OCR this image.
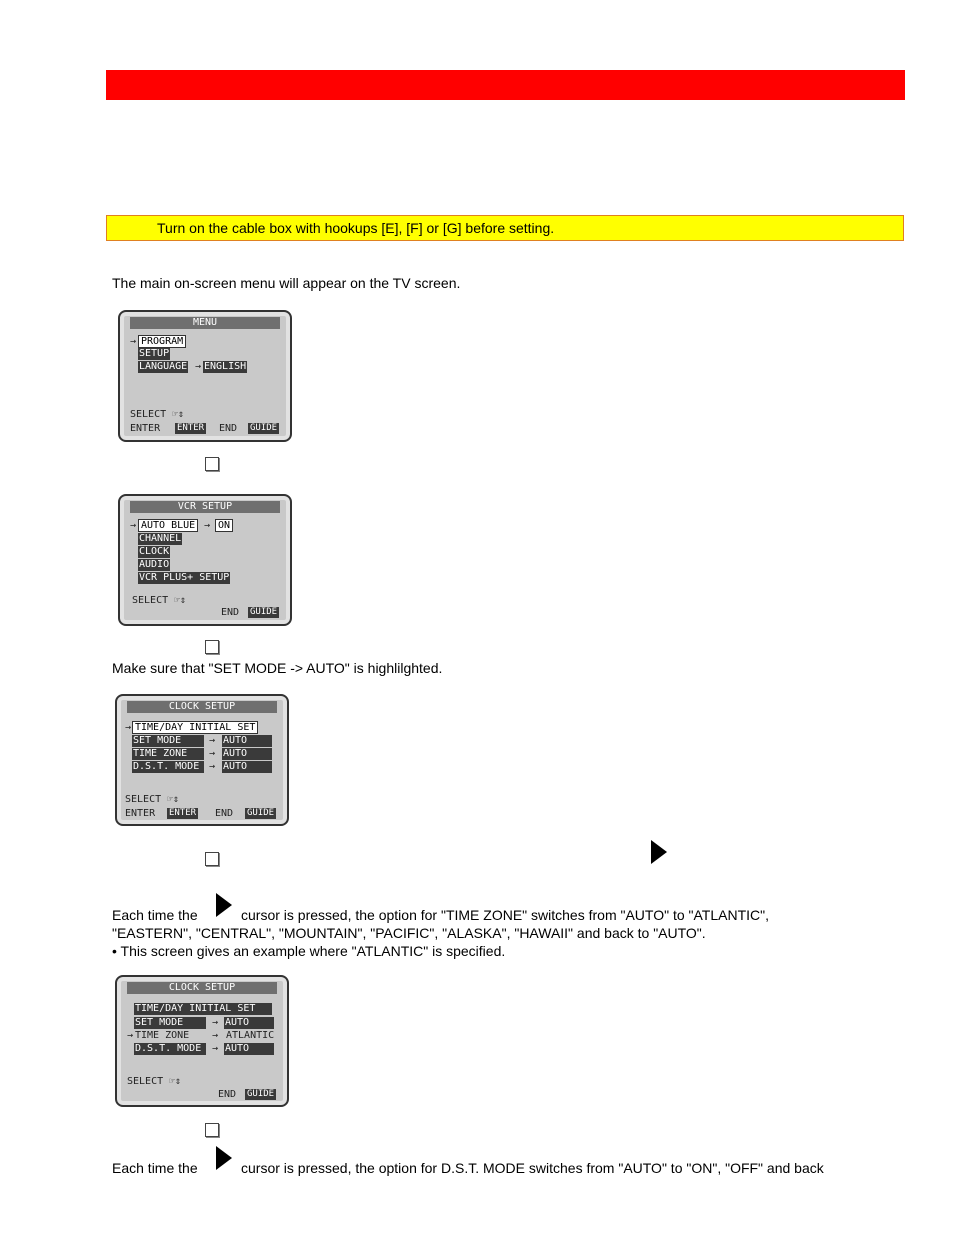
Turn on the cable box with hookups [E], [F] or [G] before setting.
The main on-screen menu will appear on the TV screen.
MENU
→ PROGRAM
SETUP
LANGUAGE → ENGLISH
SELECT ☞⇕
ENTER ENTER END GUIDE
VCR SETUP
→ AUTO BLUE → ON
CHANNEL
CLOCK
AUDIO
VCR PLUS+ SETUP
SELECT ☞⇕
END GUIDE
Make sure that "SET MODE -> AUTO" is highlilghted.
CLOCK SETUP
→ TIME/DAY INITIAL SET
SET MODE
TIME ZONE
D.S.T. MODE
→
→
→
AUTO
AUTO
AUTO
SELECT ☞⇕
ENTER ENTER END GUIDE
Each time the	cursor is pressed, the option for "TIME ZONE" switches from "AUTO" to "ATLANTIC",
"EASTERN", "CENTRAL", "MOUNTAIN", "PACIFIC", "ALASKA", "HAWAII" and back to "AUTO".
• This screen gives an example where "ATLANTIC" is specified.
CLOCK SETUP
TIME/DAY INITIAL SET
SET MODE
→ TIME ZONE
D.S.T. MODE
→
→
→
AUTO
ATLANTIC
AUTO
SELECT ☞⇕
END GUIDE
Each time the	cursor is pressed, the option for D.S.T. MODE switches from "AUTO" to "ON", "OFF" and back
